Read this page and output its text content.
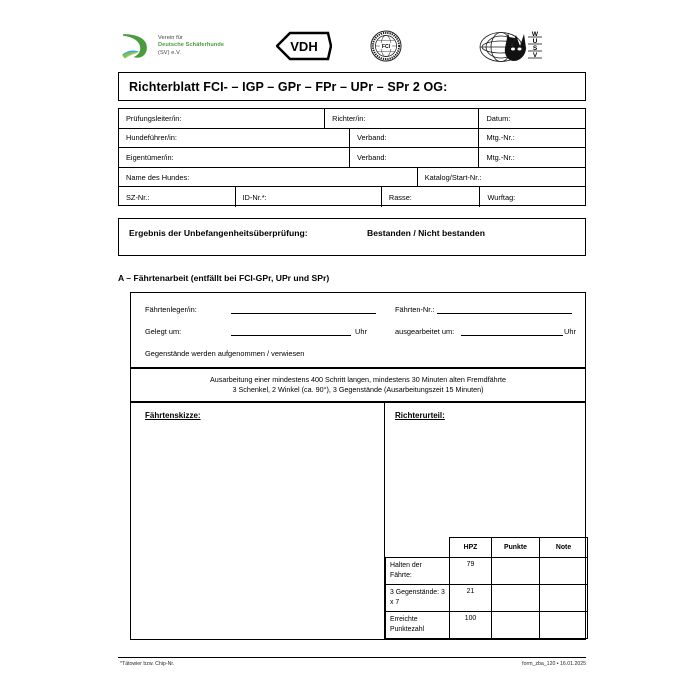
Verein für
Deutsche Schäferhunde
(SV) e.V.	VDH	FCI
W
U
S
V
Richterblatt FCI- – IGP – GPr – FPr – UPr – SPr 2 OG:
Prüfungsleiter/in:	Richter/in:	Datum:
Hundeführer/in:	Verband:	Mtg.-Nr.:
Eigentümer/in:	Verband:	Mtg.-Nr.:
Name des Hundes:	Katalog/Start-Nr.:
SZ-Nr.:	ID-Nr.*:	Rasse:	Wurftag:
Ergebnis der Unbefangenheitsüberprüfung:	Bestanden / Nicht bestanden
A – Fährtenarbeit (entfällt bei FCI-GPr, UPr und SPr)
Fährtenleger/in:	Fährten-Nr.:
Gelegt um:	Uhr	ausgearbeitet um:	Uhr
Gegenstände werden aufgenommen / verwiesen
Ausarbeitung einer mindestens 400 Schritt langen, mindestens 30 Minuten alten Fremdfährte
3 Schenkel, 2 Winkel (ca. 90°), 3 Gegenstände (Ausarbeitungszeit 15 Minuten)
Fährtenskizze:	Richterurteil:
	HPZ	Punkte	Note
Halten der Fährte:	79		
3 Gegenstände: 3 x 7	21		
Erreichte Punktezahl	100		
*Tätowier bzw. Chip-Nr.	form_zba_120 • 16.01.2025
